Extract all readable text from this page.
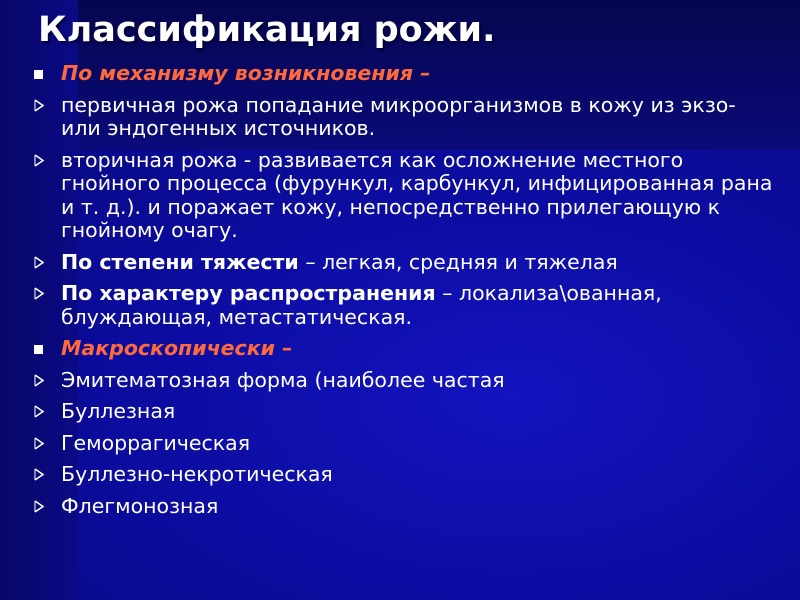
Классификация рожи.
По механизму возникновения –
первичная рожа попадание микроорганизмов в кожу из экзо- или эндогенных источников.
вторичная рожа - развивается как осложнение местного гнойного процесса (фурункул, карбункул, инфицированная рана и т. д.). и поражает кожу, непосредственно прилегающую к гнойному очагу.
По степени тяжести – легкая, средняя и тяжелая
По характеру распространения – локализа\ованная, блуждающая, метастатическая.
Макроскопически –
Эмитематозная форма (наиболее частая
Буллезная
Геморрагическая
Буллезно-некротическая
Флегмонозная
